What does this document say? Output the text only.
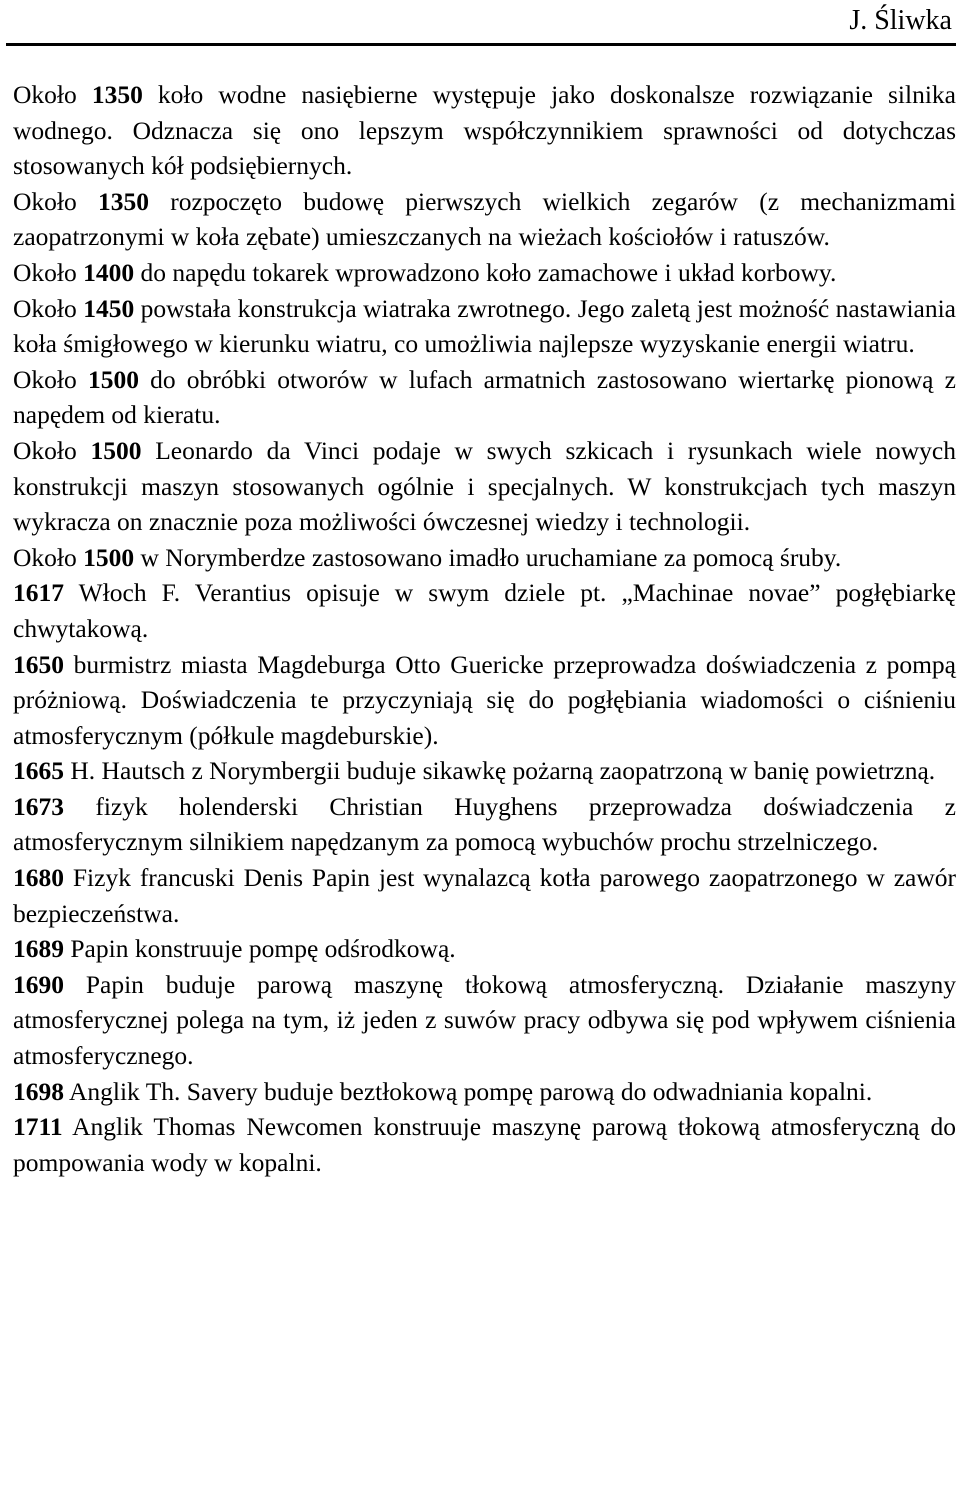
J. Śliwka

Około 1350 koło wodne nasiębierne występuje jako doskonalsze rozwiązanie silnika wodnego. Odznacza się ono lepszym współczynnikiem sprawności od dotychczas stosowanych kół podsiębiernych.

Około 1350 rozpoczęto budowę pierwszych wielkich zegarów (z mechanizmami zaopatrzonymi w koła zębate) umieszczanych na wieżach kościołów i ratuszów.

Około 1400 do napędu tokarek wprowadzono koło zamachowe i układ korbowy.

Około 1450 powstała konstrukcja wiatraka zwrotnego. Jego zaletą jest możność nastawiania koła śmigłowego w kierunku wiatru, co umożliwia najlepsze wyzyskanie energii wiatru.

Około 1500 do obróbki otworów w lufach armatnich zastosowano wiertarkę pionową z napędem od kieratu.

Około 1500 Leonardo da Vinci podaje w swych szkicach i rysunkach wiele nowych konstrukcji maszyn stosowanych ogólnie i specjalnych. W konstrukcjach tych maszyn wykracza on znacznie poza możliwości ówczesnej wiedzy i technologii.

Około 1500 w Norymberdze zastosowano imadło uruchamiane za pomocą śruby.

1617 Włoch F. Verantius opisuje w swym dziele pt. „Machinae novae” pogłębiarkę chwytakową.

1650 burmistrz miasta Magdeburga Otto Guericke przeprowadza doświadczenia z pompą próżniową. Doświadczenia te przyczyniają się do pogłębiania wiadomości o ciśnieniu atmosferycznym (półkule magdeburskie).

1665 H. Hautsch z Norymbergii buduje sikawkę pożarną zaopatrzoną w banię powietrzną.

1673 fizyk holenderski Christian Huyghens przeprowadza doświadczenia z atmosferycznym silnikiem napędzanym za pomocą wybuchów prochu strzelniczego.

1680 Fizyk francuski Denis Papin jest wynalazcą kotła parowego zaopatrzonego w zawór bezpieczeństwa.

1689 Papin konstruuje pompę odśrodkową.

1690 Papin buduje parową maszynę tłokową atmosferyczną. Działanie maszyny atmosferycznej polega na tym, iż jeden z suwów pracy odbywa się pod wpływem ciśnienia atmosferycznego.

1698 Anglik Th. Savery buduje beztłokową pompę parową do odwadniania kopalni.

1711 Anglik Thomas Newcomen konstruuje maszynę parową tłokową atmosferyczną do pompowania wody w kopalni.
